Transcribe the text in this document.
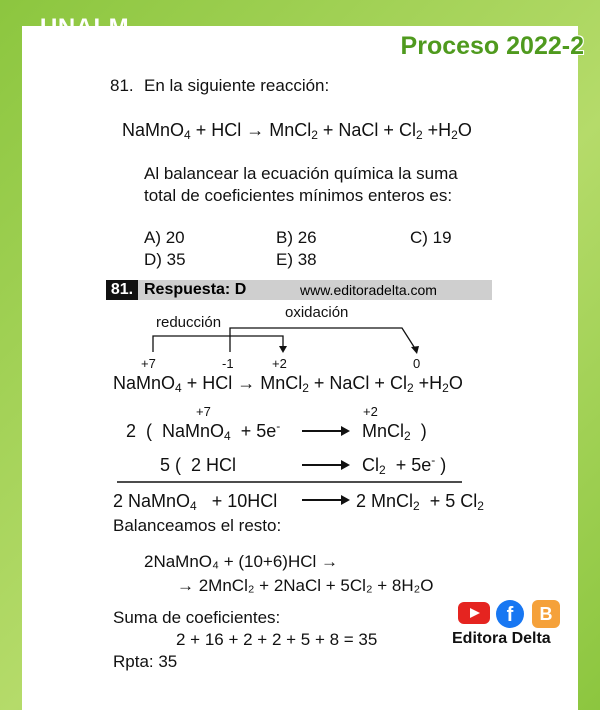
Proceso 2022-2
81. En la siguiente reacción:
NaMnO$_4$ + HCl → MnCl$_2$ + NaCl + $Cl_2 +H_2O$
Al balancear la ecuación química la suma
total de coeficientes mínimos enteros es:
A) 20	B) 26	C) 19
D) 35	E) 38
81. Respuesta: D	www.editoradelta.com
reducción
oxidación
+7	-1	+2	0
NaMnO$_4$ + HCl → MnCl$_2$ + NaCl + $Cl_2 +H_2O$
+7	+2
2  (  NaMnO$_4$ + 5e-	MnCl$_2$  )
5 (  2 HCl	$Cl_2 + 5e^-$ )
2 NaMnO$_4$ + 10HCl	2 MnCl$_2$ + 5 $Cl_2$
Balanceamos el resto:
2NaMnO₄ + (10+6)HCl →
→ 2MnCl₂ + 2NaCl + 5Cl₂ + 8H₂O
Suma de coeficientes:
2 + 16 + 2 + 2 + 5 + 8 = 35
Rpta: 35
f	B
Editora Delta
